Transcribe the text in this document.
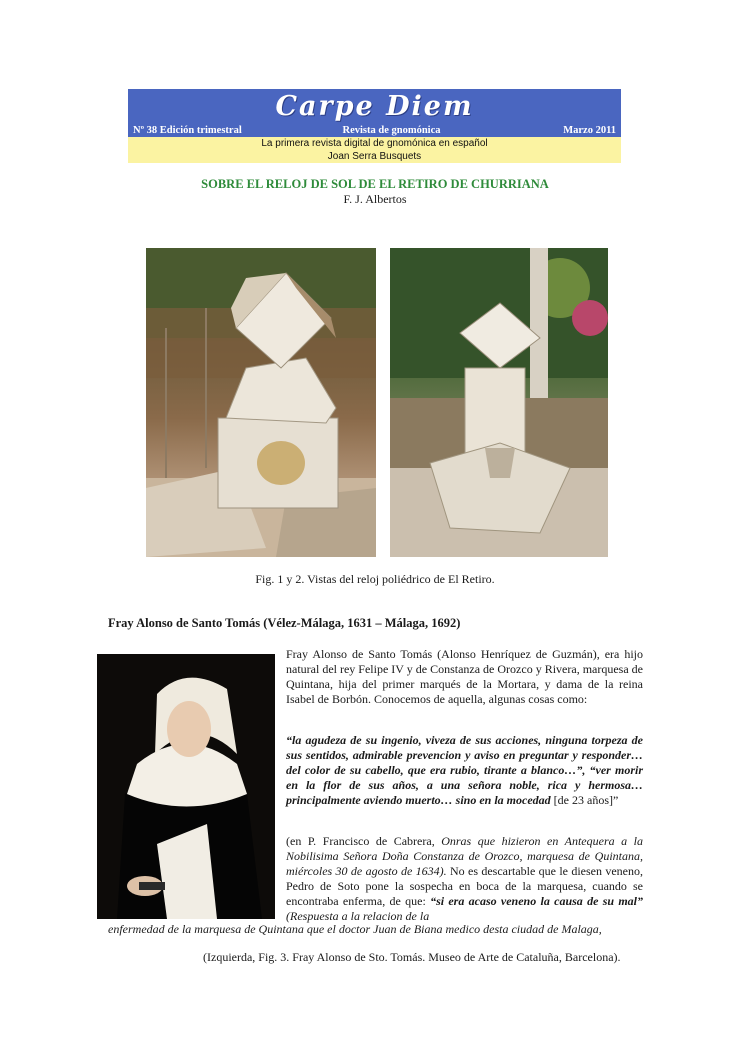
Carpe Diem
Nº 38 Edición trimestral	Revista de gnomónica	Marzo 2011
La primera revista digital de gnomónica en español
Joan Serra Busquets
SOBRE EL RELOJ DE SOL DE EL RETIRO DE CHURRIANA
F. J. Albertos
Fig. 1 y 2. Vistas del reloj poliédrico de El Retiro.
Fray Alonso de Santo Tomás (Vélez-Málaga, 1631 – Málaga, 1692)
Fray Alonso de Santo Tomás (Alonso Henríquez de Guzmán), era hijo natural del rey Felipe IV y de Constanza de Orozco y Rivera, marquesa de Quintana, hija del primer marqués de la Mortara, y dama de la reina Isabel de Borbón. Conocemos de aquella, algunas cosas como:
“la agudeza de su ingenio, viveza de sus acciones, ninguna torpeza de sus sentidos, admirable prevencion y aviso en preguntar y responder… del color de su cabello, que era rubio, tirante a blanco…”, “ver morir en la flor de sus años, a una señora noble, rica y hermosa… principalmente aviendo muerto… sino en la mocedad [de 23 años]”
(en P. Francisco de Cabrera, Onras que hizieron en Antequera a la Nobilisima Señora Doña Constanza de Orozco, marquesa de Quintana, miércoles 30 de agosto de 1634). No es descartable que le diesen veneno, Pedro de Soto pone la sospecha en boca de la marquesa, cuando se encontraba enferma, de que: “si era acaso veneno la causa de su mal” (Respuesta a la relacion de la
enfermedad de la marquesa de Quintana que el doctor Juan de Biana medico desta ciudad de Malaga,
(Izquierda, Fig. 3. Fray Alonso de Sto. Tomás. Museo de Arte de Cataluña, Barcelona).
